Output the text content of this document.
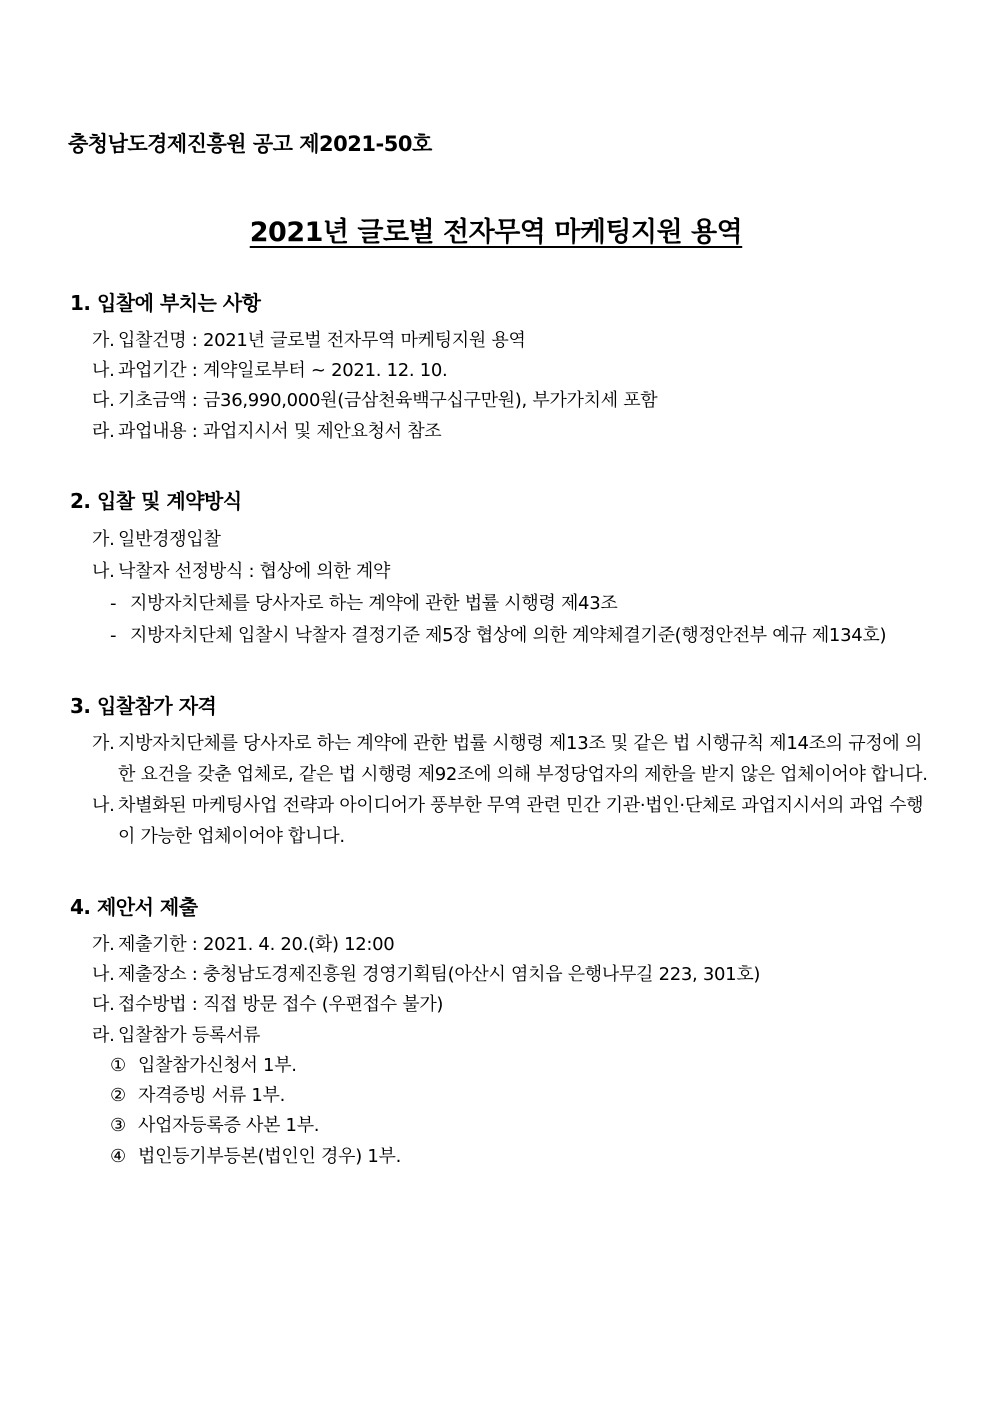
충청남도경제진흥원 공고 제2021-50호
2021년 글로벌 전자무역 마케팅지원 용역
1. 입찰에 부치는 사항
가. 입찰건명 : 2021년 글로벌 전자무역 마케팅지원 용역
나. 과업기간 : 계약일로부터 ~ 2021. 12. 10.
다. 기초금액 : 금36,990,000원(금삼천육백구십구만원), 부가가치세 포함
라. 과업내용 : 과업지시서 및 제안요청서 참조
2. 입찰 및 계약방식
가. 일반경쟁입찰
나. 낙찰자 선정방식 : 협상에 의한 계약
- 지방자치단체를 당사자로 하는 계약에 관한 법률 시행령 제43조
- 지방자치단체 입찰시 낙찰자 결정기준 제5장 협상에 의한 계약체결기준(행정안전부 예규 제134호)
3. 입찰참가 자격
가. 지방자치단체를 당사자로 하는 계약에 관한 법률 시행령 제13조 및 같은 법 시행규칙 제14조의 규정에 의한 요건을 갖춘 업체로, 같은 법 시행령 제92조에 의해 부정당업자의 제한을 받지 않은 업체이어야 합니다.
나. 차별화된 마케팅사업 전략과 아이디어가 풍부한 무역 관련 민간 기관·법인·단체로 과업지시서의 과업 수행이 가능한 업체이어야 합니다.
4. 제안서 제출
가. 제출기한 : 2021. 4. 20.(화) 12:00
나. 제출장소 : 충청남도경제진흥원 경영기획팀(아산시 염치읍 은행나무길 223, 301호)
다. 접수방법 : 직접 방문 접수 (우편접수 불가)
라. 입찰참가 등록서류
① 입찰참가신청서 1부.
② 자격증빙 서류 1부.
③ 사업자등록증 사본 1부.
④ 법인등기부등본(법인인 경우) 1부.
